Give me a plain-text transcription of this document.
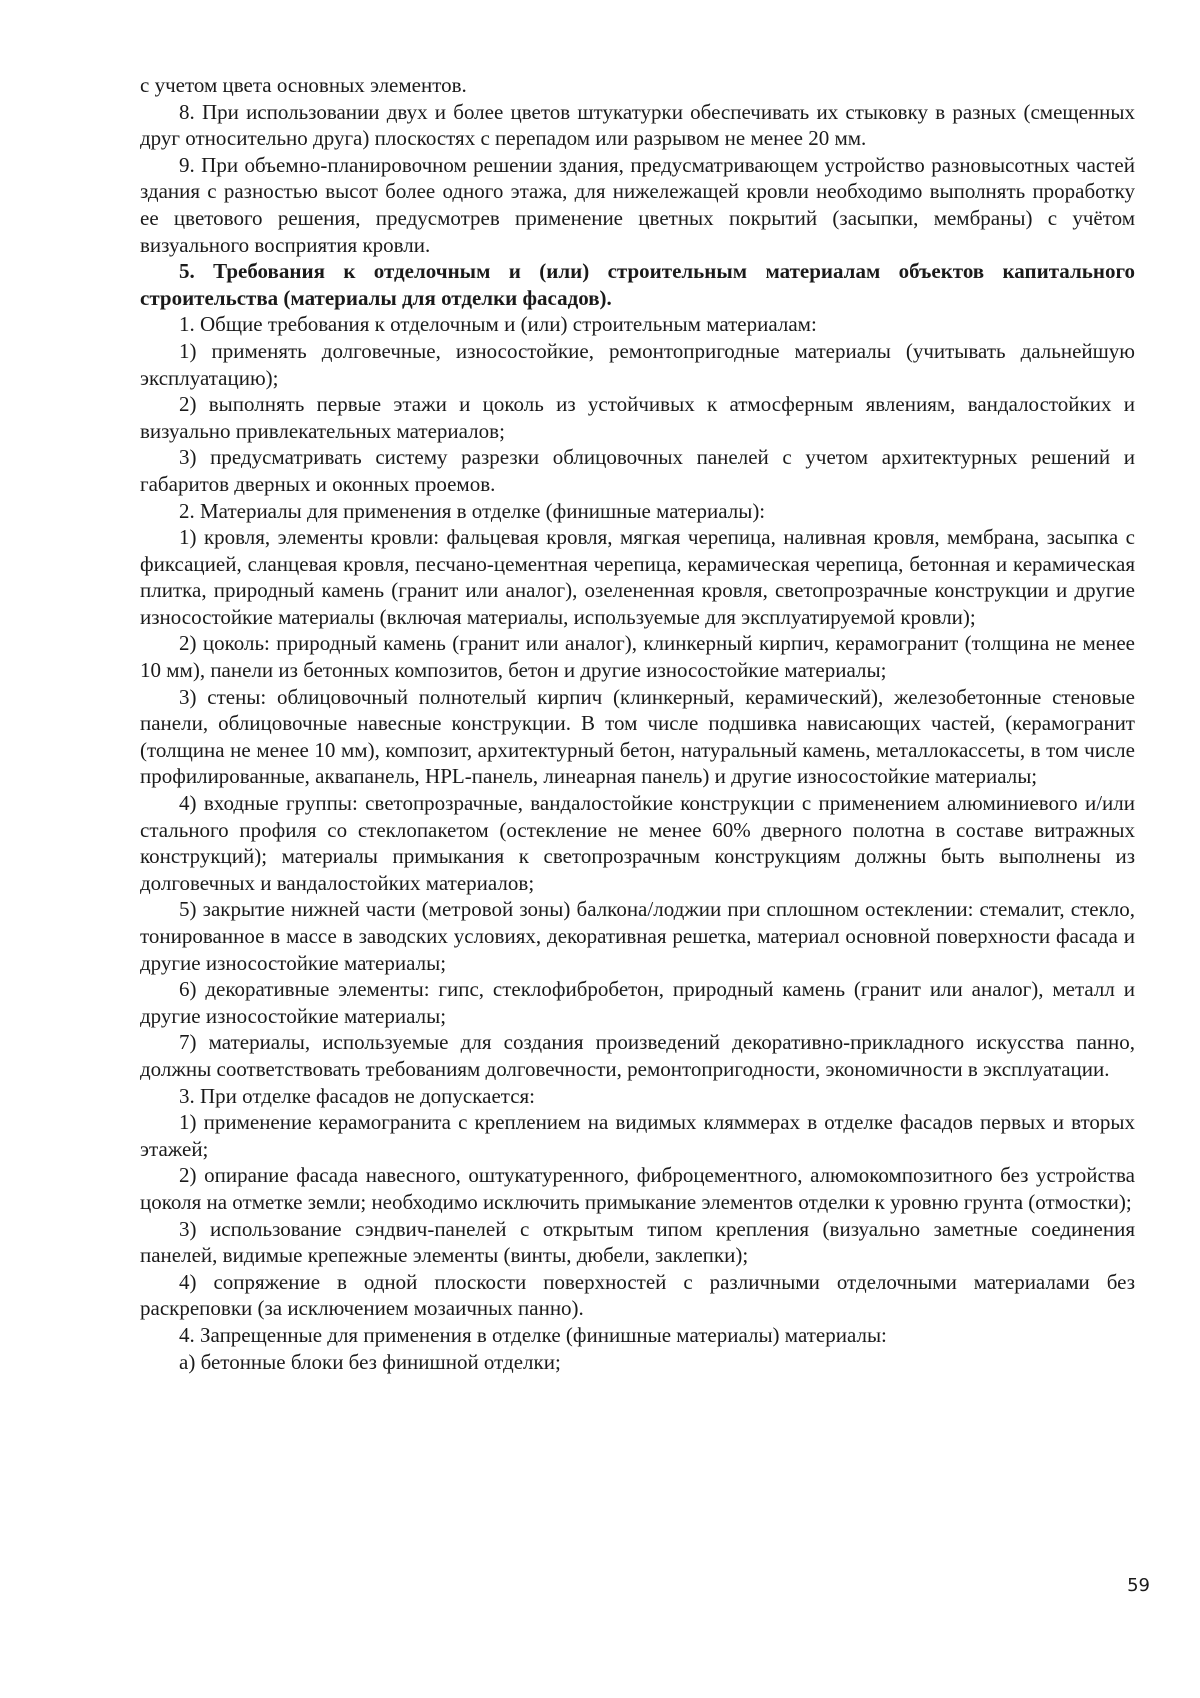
с учетом цвета основных элементов.

8. При использовании двух и более цветов штукатурки обеспечивать их стыковку в разных (смещенных друг относительно друга) плоскостях с перепадом или разрывом не менее 20 мм.

9. При объемно-планировочном решении здания, предусматривающем устройство разновысотных частей здания с разностью высот более одного этажа, для нижележащей кровли необходимо выполнять проработку ее цветового решения, предусмотрев применение цветных покрытий (засыпки, мембраны) с учётом визуального восприятия кровли.

5. Требования к отделочным и (или) строительным материалам объектов капитального строительства (материалы для отделки фасадов).

1. Общие требования к отделочным и (или) строительным материалам:

1) применять долговечные, износостойкие, ремонтопригодные материалы (учитывать дальнейшую эксплуатацию);

2) выполнять первые этажи и цоколь из устойчивых к атмосферным явлениям, вандалостойких и визуально привлекательных материалов;

3) предусматривать систему разрезки облицовочных панелей с учетом архитектурных решений и габаритов дверных и оконных проемов.

2. Материалы для применения в отделке (финишные материалы):

1) кровля, элементы кровли: фальцевая кровля, мягкая черепица, наливная кровля, мембрана, засыпка с фиксацией, сланцевая кровля, песчано-цементная черепица, керамическая черепица, бетонная и керамическая плитка, природный камень (гранит или аналог), озелененная кровля, светопрозрачные конструкции и другие износостойкие материалы (включая материалы, используемые для эксплуатируемой кровли);

2) цоколь: природный камень (гранит или аналог), клинкерный кирпич, керамогранит (толщина не менее 10 мм), панели из бетонных композитов, бетон и другие износостойкие материалы;

3) стены: облицовочный полнотелый кирпич (клинкерный, керамический), железобетонные стеновые панели, облицовочные навесные конструкции. В том числе подшивка нависающих частей, (керамогранит (толщина не менее 10 мм), композит, архитектурный бетон, натуральный камень, металлокассеты, в том числе профилированные, аквапанель, HPL-панель, линеарная панель) и другие износостойкие материалы;

4) входные группы: светопрозрачные, вандалостойкие конструкции с применением алюминиевого и/или стального профиля со стеклопакетом (остекление не менее 60% дверного полотна в составе витражных конструкций); материалы примыкания к светопрозрачным конструкциям должны быть выполнены из долговечных и вандалостойких материалов;

5) закрытие нижней части (метровой зоны) балкона/лоджии при сплошном остеклении: стемалит, стекло, тонированное в массе в заводских условиях, декоративная решетка, материал основной поверхности фасада и другие износостойкие материалы;

6) декоративные элементы: гипс, стеклофибробетон, природный камень (гранит или аналог), металл и другие износостойкие материалы;

7) материалы, используемые для создания произведений декоративно-прикладного искусства панно, должны соответствовать требованиям долговечности, ремонтопригодности, экономичности в эксплуатации.

3. При отделке фасадов не допускается:

1) применение керамогранита с креплением на видимых кляммерах в отделке фасадов первых и вторых этажей;

2) опирание фасада навесного, оштукатуренного, фиброцементного, алюмокомпозитного без устройства цоколя на отметке земли; необходимо исключить примыкание элементов отделки к уровню грунта (отмостки);

3) использование сэндвич-панелей с открытым типом крепления (визуально заметные соединения панелей, видимые крепежные элементы (винты, дюбели, заклепки);

4) сопряжение в одной плоскости поверхностей с различными отделочными материалами без раскреповки (за исключением мозаичных панно).

4. Запрещенные для применения в отделке (финишные материалы) материалы:

а) бетонные блоки без финишной отделки;

59
